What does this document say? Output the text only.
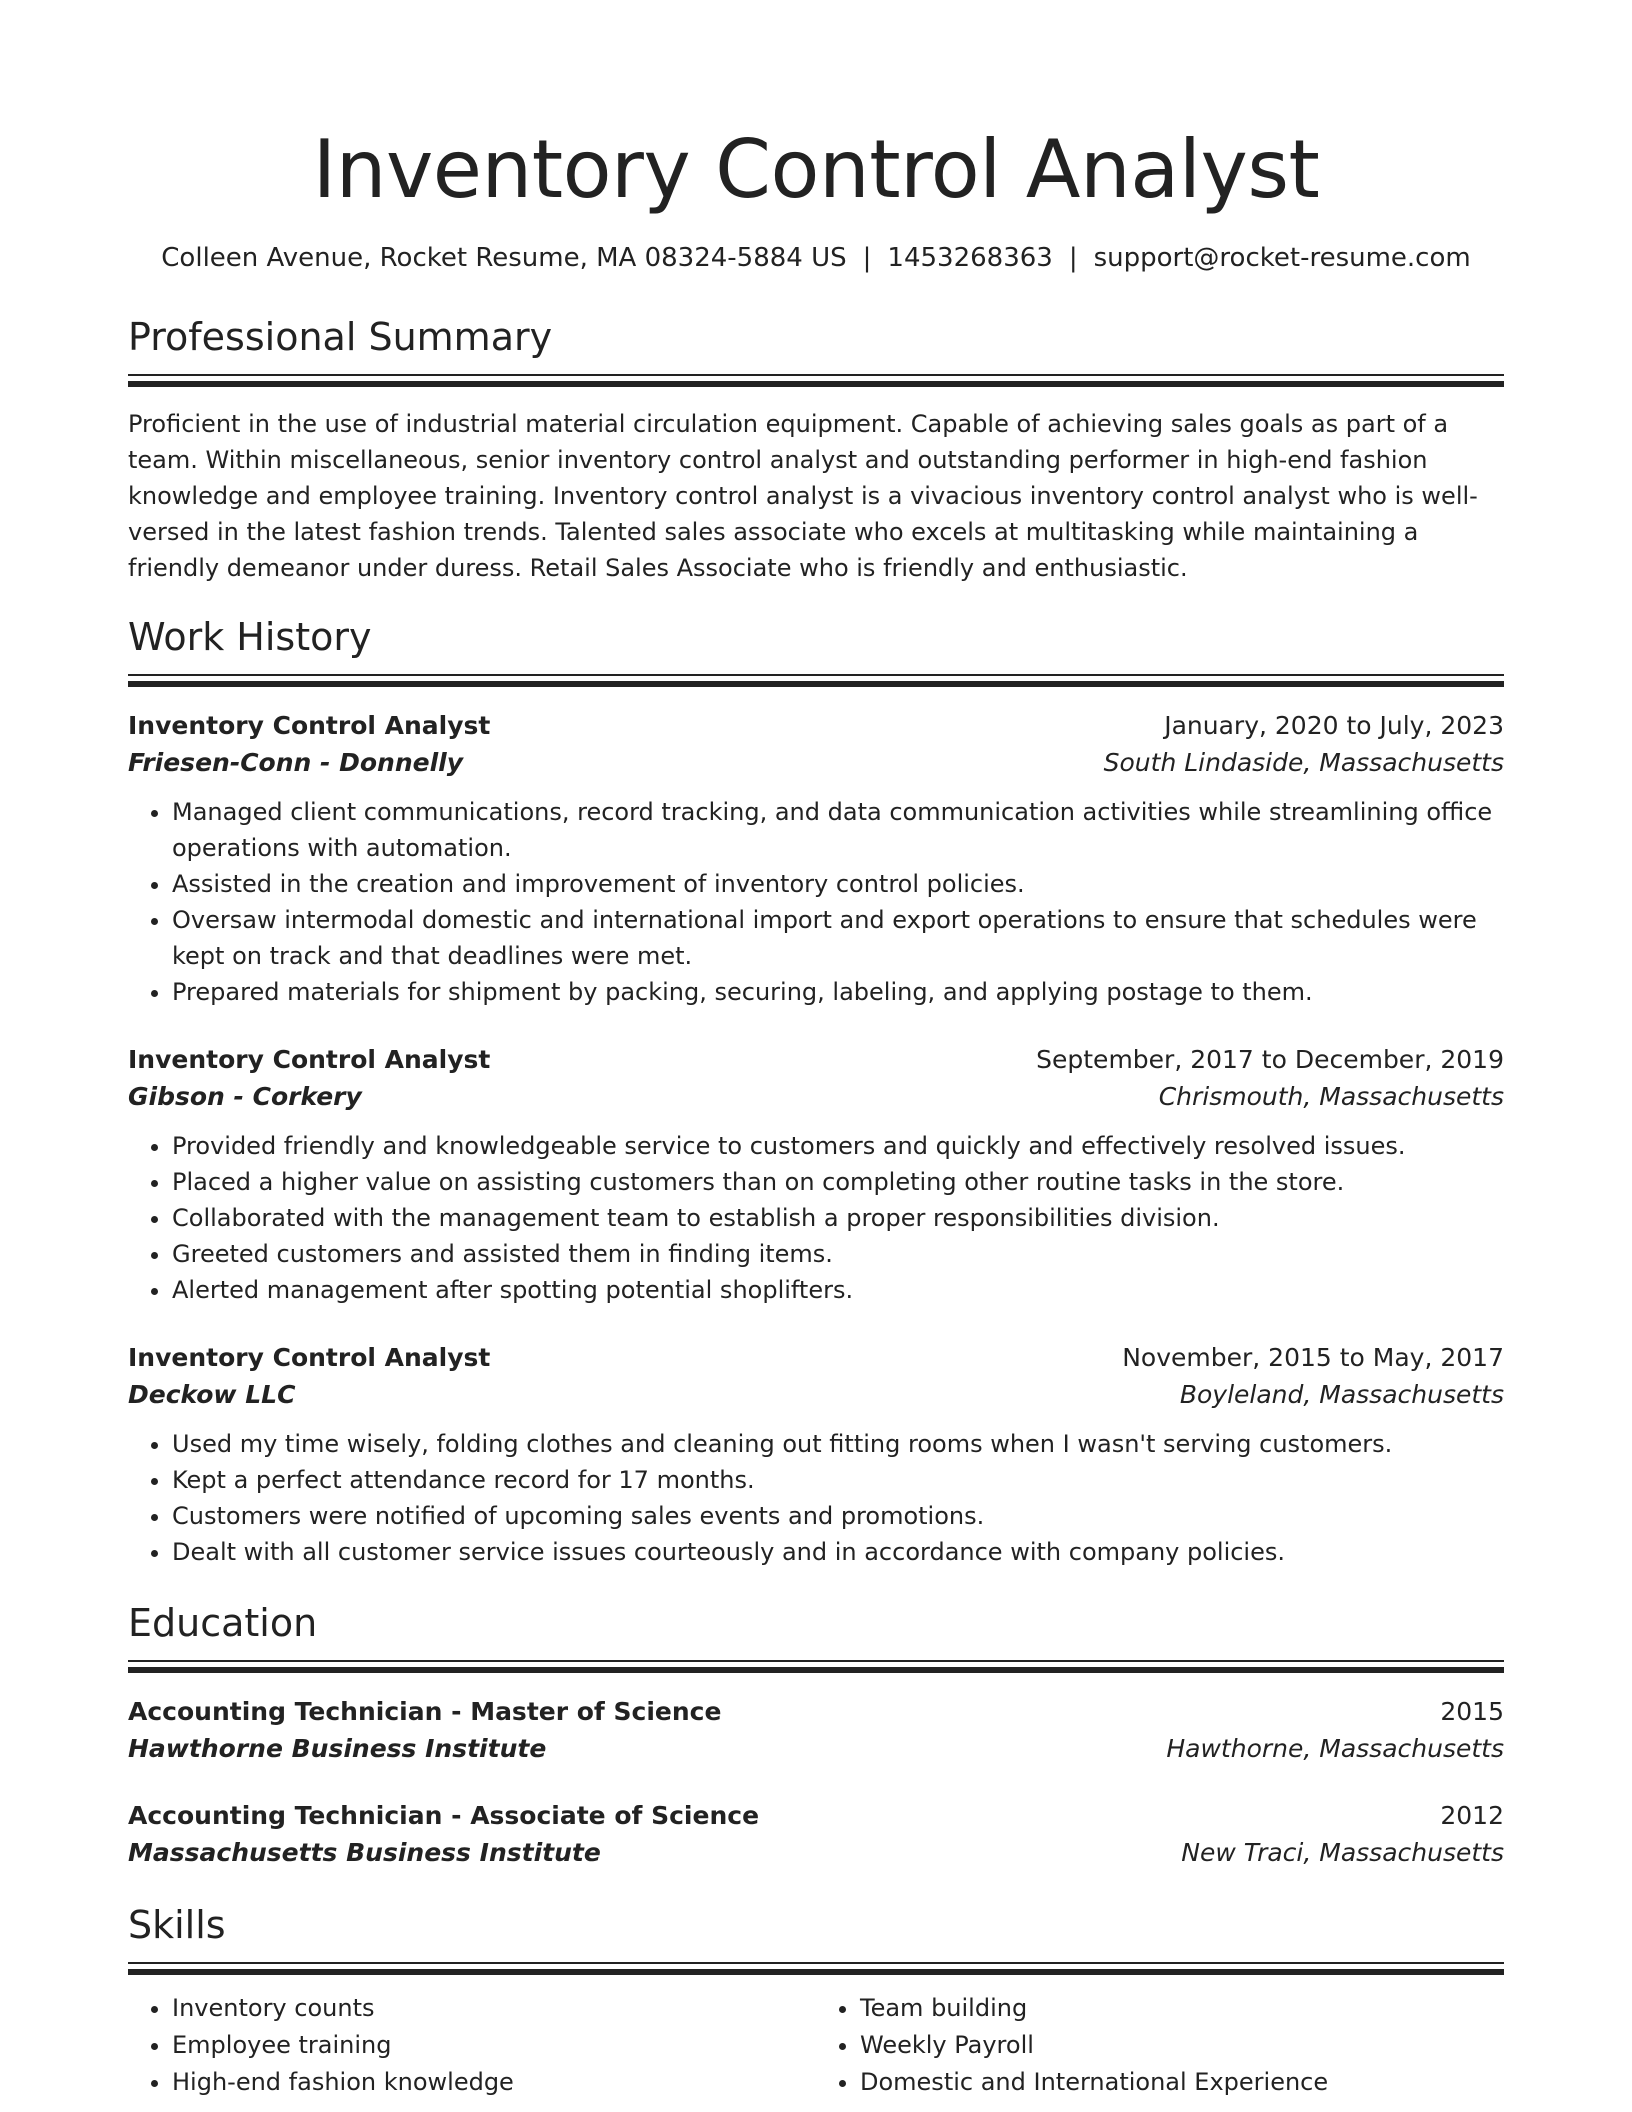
Inventory Control Analyst
Colleen Avenue, Rocket Resume, MA 08324-5884 US | 1453268363 | support@rocket-resume.com
Professional Summary

Proficient in the use of industrial material circulation equipment. Capable of achieving sales goals as part of a team. Within miscellaneous, senior inventory control analyst and outstanding performer in high-end fashion knowledge and employee training. Inventory control analyst is a vivacious inventory control analyst who is well-versed in the latest fashion trends. Talented sales associate who excels at multitasking while maintaining a friendly demeanor under duress. Retail Sales Associate who is friendly and enthusiastic.

Work History
Inventory Control Analyst	January, 2020 to July, 2023
Friesen-Conn - Donnelly	South Lindaside, Massachusetts
• Managed client communications, record tracking, and data communication activities while streamlining office operations with automation.
• Assisted in the creation and improvement of inventory control policies.
• Oversaw intermodal domestic and international import and export operations to ensure that schedules were kept on track and that deadlines were met.
• Prepared materials for shipment by packing, securing, labeling, and applying postage to them.
Inventory Control Analyst	September, 2017 to December, 2019
Gibson - Corkery	Chrismouth, Massachusetts
• Provided friendly and knowledgeable service to customers and quickly and effectively resolved issues.
• Placed a higher value on assisting customers than on completing other routine tasks in the store.
• Collaborated with the management team to establish a proper responsibilities division.
• Greeted customers and assisted them in finding items.
• Alerted management after spotting potential shoplifters.
Inventory Control Analyst	November, 2015 to May, 2017
Deckow LLC	Boyleland, Massachusetts
• Used my time wisely, folding clothes and cleaning out fitting rooms when I wasn't serving customers.
• Kept a perfect attendance record for 17 months.
• Customers were notified of upcoming sales events and promotions.
• Dealt with all customer service issues courteously and in accordance with company policies.
Education
Accounting Technician - Master of Science	2015
Hawthorne Business Institute	Hawthorne, Massachusetts
Accounting Technician - Associate of Science	2012
Massachusetts Business Institute	New Traci, Massachusetts
Skills
• Inventory counts
• Employee training
• High-end fashion knowledge
• Team building
• Weekly Payroll
• Domestic and International Experience
